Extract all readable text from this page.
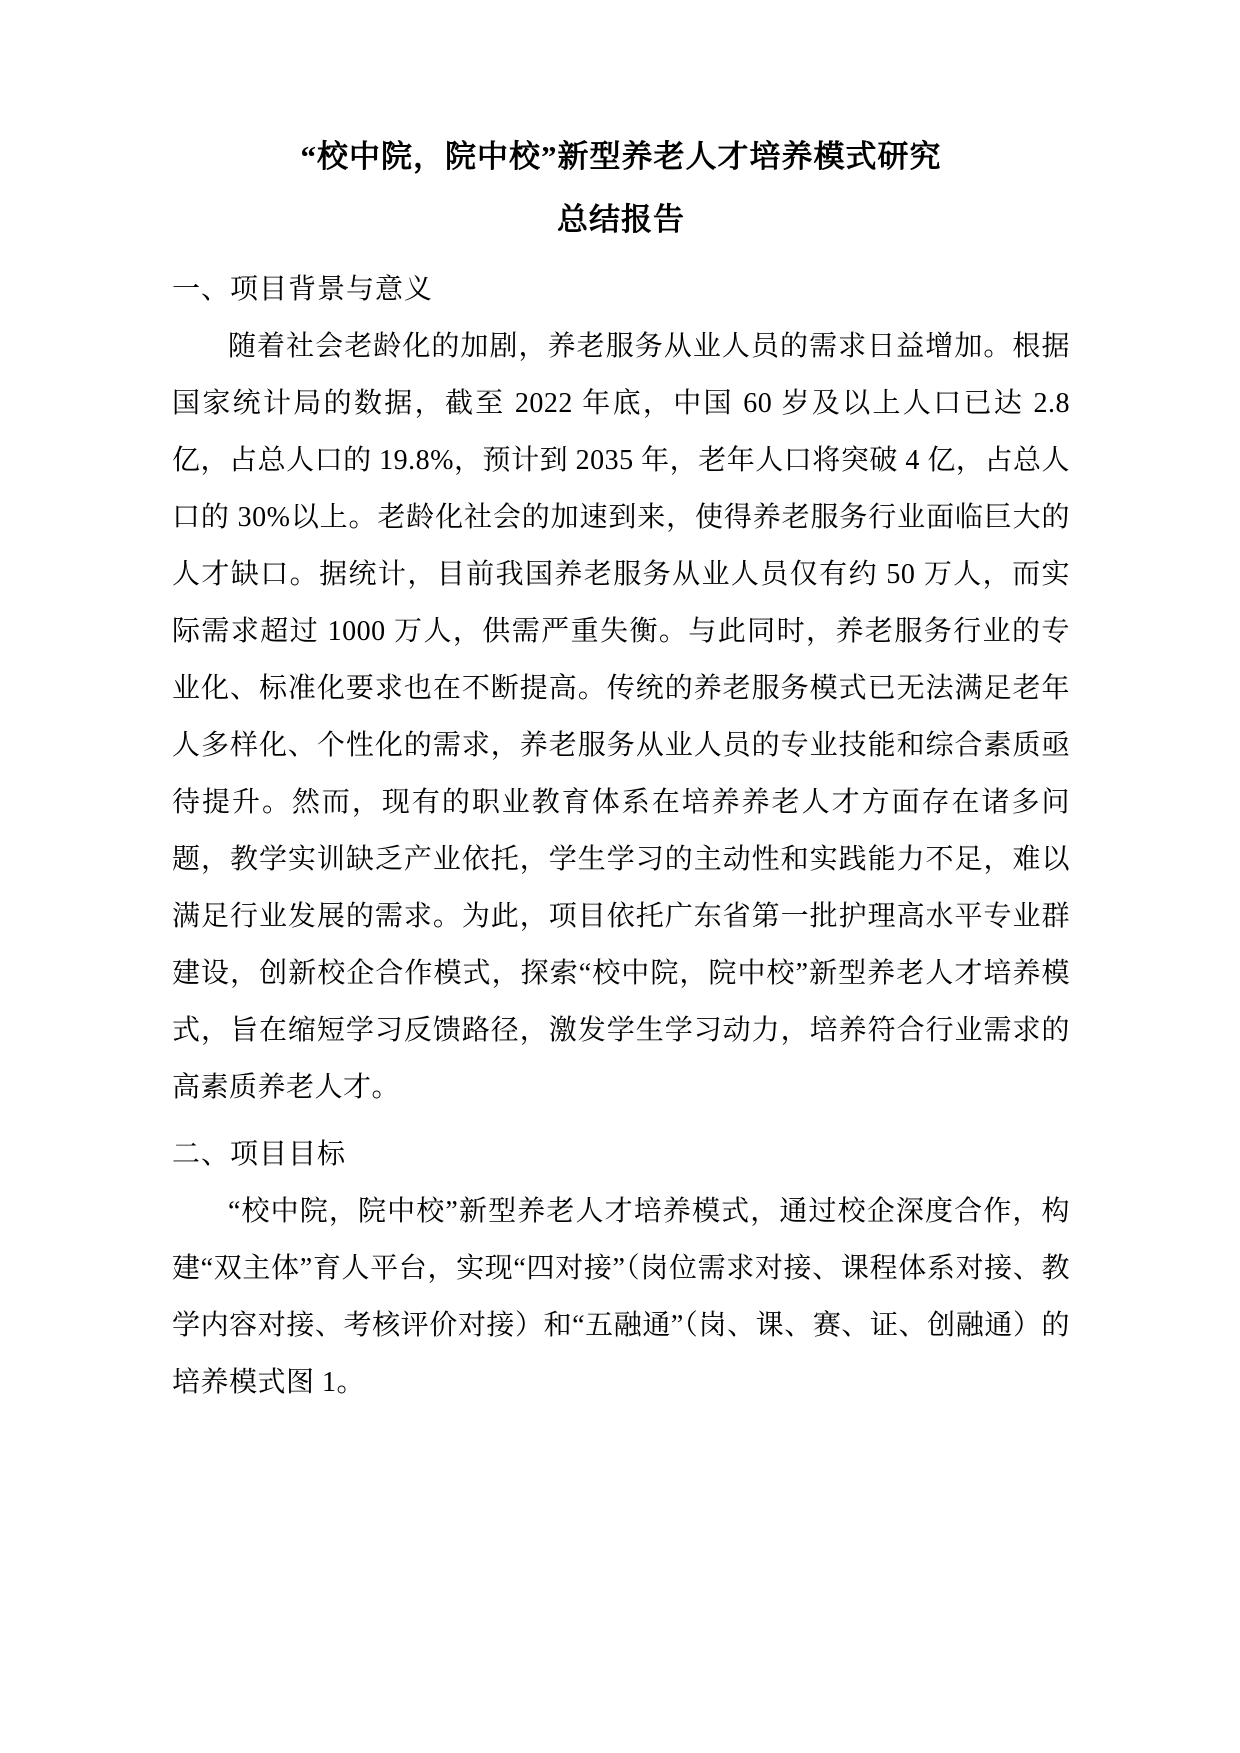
“校中院，院中校”新型养老人才培养模式研究
总结报告
一、项目背景与意义

随着社会老龄化的加剧，养老服务从业人员的需求日益增加。根据国家统计局的数据，截至 2022 年底，中国 60 岁及以上人口已达 2.8 亿，占总人口的 19.8%，预计到 2035 年，老年人口将突破 4 亿，占总人口的 30%以上。老龄化社会的加速到来，使得养老服务行业面临巨大的人才缺口。据统计，目前我国养老服务从业人员仅有约 50 万人，而实际需求超过 1000 万人，供需严重失衡。与此同时，养老服务行业的专业化、标准化要求也在不断提高。传统的养老服务模式已无法满足老年人多样化、个性化的需求，养老服务从业人员的专业技能和综合素质亟待提升。然而，现有的职业教育体系在培养养老人才方面存在诸多问题，教学实训缺乏产业依托，学生学习的主动性和实践能力不足，难以满足行业发展的需求。为此，项目依托广东省第一批护理高水平专业群建设，创新校企合作模式，探索“校中院，院中校”新型养老人才培养模式，旨在缩短学习反馈路径，激发学生学习动力，培养符合行业需求的高素质养老人才。

二、项目目标

“校中院，院中校”新型养老人才培养模式，通过校企深度合作，构建“双主体”育人平台，实现“四对接”（岗位需求对接、课程体系对接、教学内容对接、考核评价对接）和“五融通”（岗、课、赛、证、创融通）的培养模式图 1。
